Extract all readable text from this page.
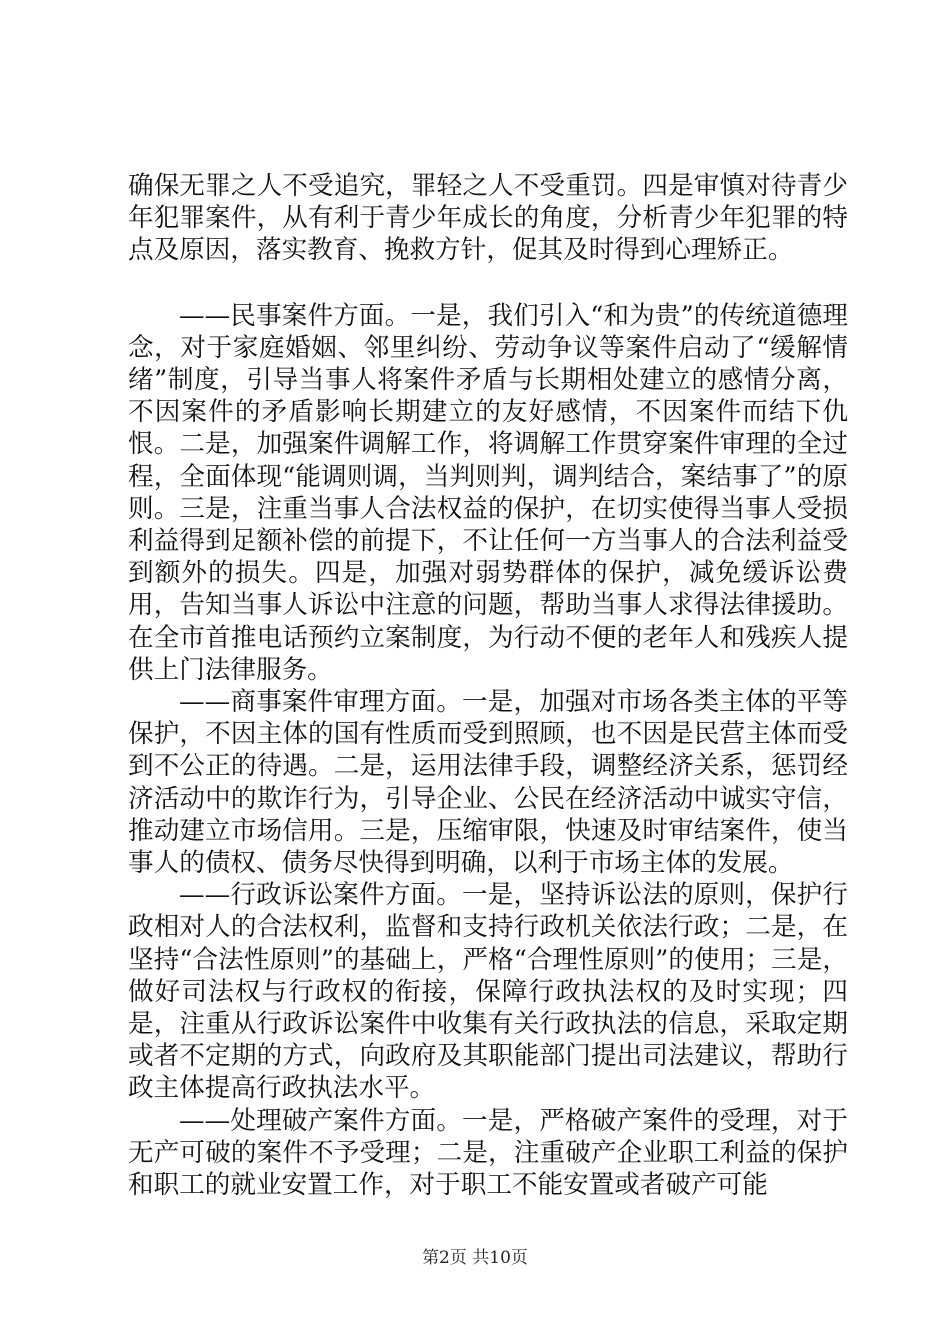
确保无罪之人不受追究，罪轻之人不受重罚。四是审慎对待青少年犯罪案件，从有利于青少年成长的角度，分析青少年犯罪的特点及原因，落实教育、挽救方针，促其及时得到心理矫正。

——民事案件方面。一是，我们引入“和为贵”的传统道德理念，对于家庭婚姻、邻里纠纷、劳动争议等案件启动了“缓解情绪”制度，引导当事人将案件矛盾与长期相处建立的感情分离，不因案件的矛盾影响长期建立的友好感情，不因案件而结下仇恨。二是，加强案件调解工作，将调解工作贯穿案件审理的全过程，全面体现“能调则调，当判则判，调判结合，案结事了”的原则。三是，注重当事人合法权益的保护，在切实使得当事人受损利益得到足额补偿的前提下，不让任何一方当事人的合法利益受到额外的损失。四是，加强对弱势群体的保护，减免缓诉讼费用，告知当事人诉讼中注意的问题，帮助当事人求得法律援助。在全市首推电话预约立案制度，为行动不便的老年人和残疾人提供上门法律服务。

——商事案件审理方面。一是，加强对市场各类主体的平等保护，不因主体的国有性质而受到照顾，也不因是民营主体而受到不公正的待遇。二是，运用法律手段，调整经济关系，惩罚经济活动中的欺诈行为，引导企业、公民在经济活动中诚实守信，推动建立市场信用。三是，压缩审限，快速及时审结案件，使当事人的债权、债务尽快得到明确，以利于市场主体的发展。

——行政诉讼案件方面。一是，坚持诉讼法的原则，保护行政相对人的合法权利，监督和支持行政机关依法行政；二是，在坚持“合法性原则”的基础上，严格“合理性原则”的使用；三是，做好司法权与行政权的衔接，保障行政执法权的及时实现；四是，注重从行政诉讼案件中收集有关行政执法的信息，采取定期或者不定期的方式，向政府及其职能部门提出司法建议，帮助行政主体提高行政执法水平。

——处理破产案件方面。一是，严格破产案件的受理，对于无产可破的案件不予受理；二是，注重破产企业职工利益的保护和职工的就业安置工作，对于职工不能安置或者破产可能

第2页 共10页
